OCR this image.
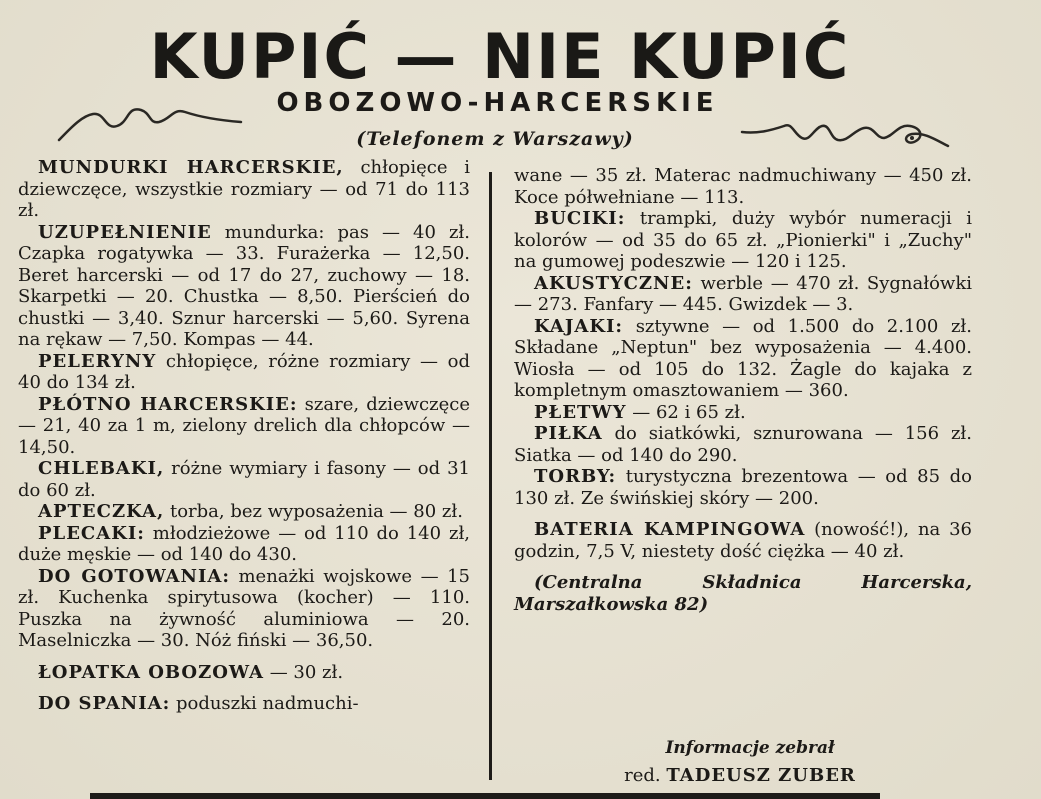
KUPIĆ — NIE KUPIĆ
OBOZOWO-HARCERSKIE
(Telefonem z Warszawy)

MUNDURKI HARCERSKIE, chłopięce i dziewczęce, wszystkie rozmiary — od 71 do 113 zł.

UZUPEŁNIENIE mundurka: pas — 40 zł. Czapka rogatywka — 33. Furażerka — 12,50. Beret harcerski — od 17 do 27, zuchowy — 18. Skarpetki — 20. Chustka — 8,50. Pierścień do chustki — 3,40. Sznur harcerski — 5,60. Syrena na rękaw — 7,50. Kompas — 44.

PELERYNY chłopięce, różne rozmiary — od 40 do 134 zł.

PŁÓTNO HARCERSKIE: szare, dziewczęce — 21, 40 za 1 m, zielony drelich dla chłopców — 14,50.

CHLEBAKI, różne wymiary i fasony — od 31 do 60 zł.

APTECZKA, torba, bez wyposażenia — 80 zł.

PLECAKI: młodzieżowe — od 110 do 140 zł, duże męskie — od 140 do 430.

DO GOTOWANIA: menażki wojskowe — 15 zł. Kuchenka spirytusowa (kocher) — 110. Puszka na żywność aluminiowa — 20. Maselniczka — 30. Nóż fiński — 36,50.

ŁOPATKA OBOZOWA — 30 zł.

DO SPANIA: poduszki nadmuchi-

wane — 35 zł. Materac nadmuchiwany — 450 zł. Koce półwełniane — 113.

BUCIKI: trampki, duży wybór numeracji i kolorów — od 35 do 65 zł. „Pionierki" i „Zuchy" na gumowej podeszwie — 120 i 125.

AKUSTYCZNE: werble — 470 zł. Sygnałówki — 273. Fanfary — 445. Gwizdek — 3.

KAJAKI: sztywne — od 1.500 do 2.100 zł. Składane „Neptun" bez wyposażenia — 4.400. Wiosła — od 105 do 132. Żagle do kajaka z kompletnym omasztowaniem — 360.

PŁETWY — 62 i 65 zł.

PIŁKA do siatkówki, sznurowana — 156 zł. Siatka — od 140 do 290.

TORBY: turystyczna brezentowa — od 85 do 130 zł. Ze świńskiej skóry — 200.

BATERIA KAMPINGOWA (nowość!), na 36 godzin, 7,5 V, niestety dość ciężka — 40 zł.

(Centralna Składnica Harcerska, Marszałkowska 82)

Informacje zebrał
red. TADEUSZ ZUBER
